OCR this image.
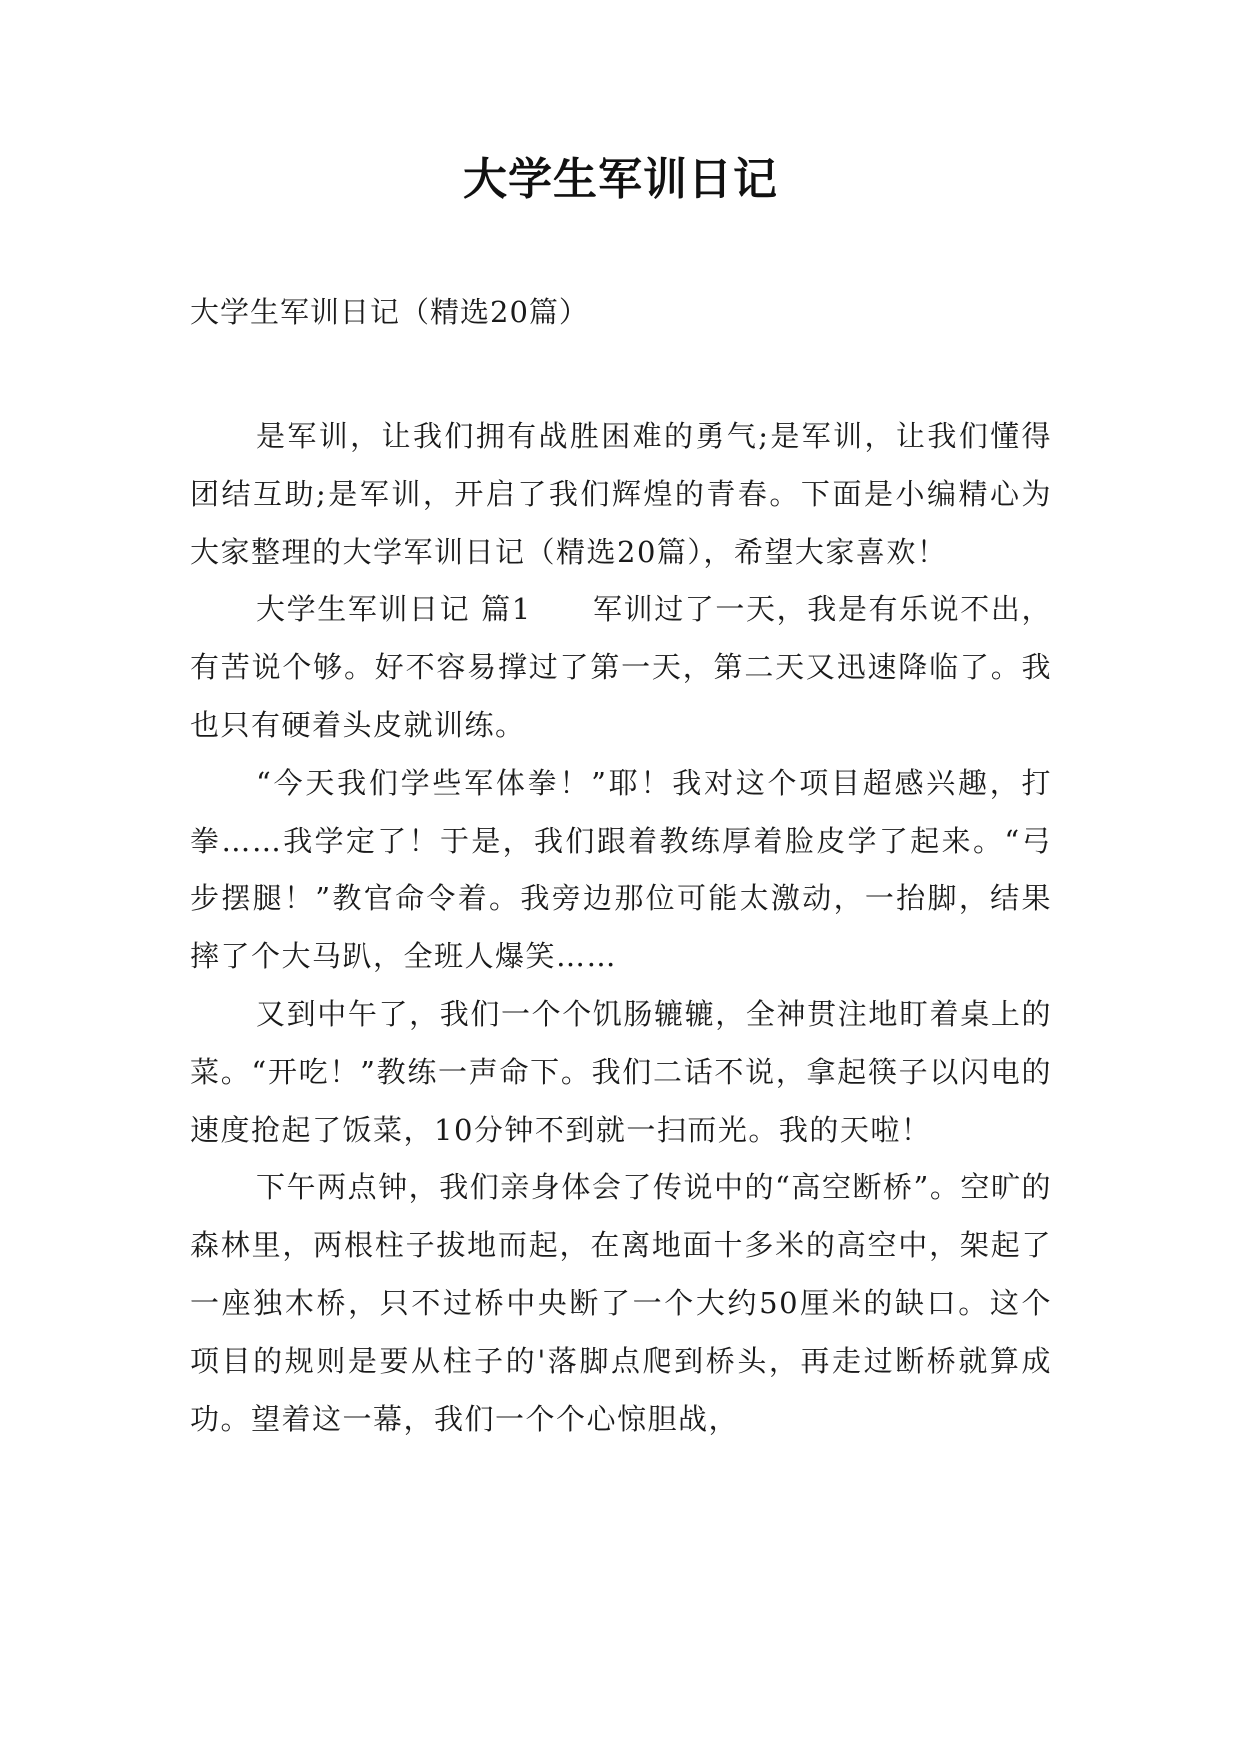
大学生军训日记
大学生军训日记（精选20篇）

是军训，让我们拥有战胜困难的勇气;是军训，让我们懂得团结互助;是军训，开启了我们辉煌的青春。下面是小编精心为大家整理的大学军训日记（精选20篇），希望大家喜欢！

大学生军训日记 篇1　　军训过了一天，我是有乐说不出，有苦说个够。好不容易撑过了第一天，第二天又迅速降临了。我也只有硬着头皮就训练。

“今天我们学些军体拳！”耶！我对这个项目超感兴趣，打拳……我学定了！于是，我们跟着教练厚着脸皮学了起来。“弓步摆腿！”教官命令着。我旁边那位可能太激动，一抬脚，结果摔了个大马趴，全班人爆笑……

又到中午了，我们一个个饥肠辘辘，全神贯注地盯着桌上的菜。“开吃！”教练一声命下。我们二话不说，拿起筷子以闪电的速度抢起了饭菜，10分钟不到就一扫而光。我的天啦！

下午两点钟，我们亲身体会了传说中的“高空断桥”。空旷的森林里，两根柱子拔地而起，在离地面十多米的高空中，架起了一座独木桥，只不过桥中央断了一个大约50厘米的缺口。这个项目的规则是要从柱子的'落脚点爬到桥头，再走过断桥就算成功。望着这一幕，我们一个个心惊胆战，
